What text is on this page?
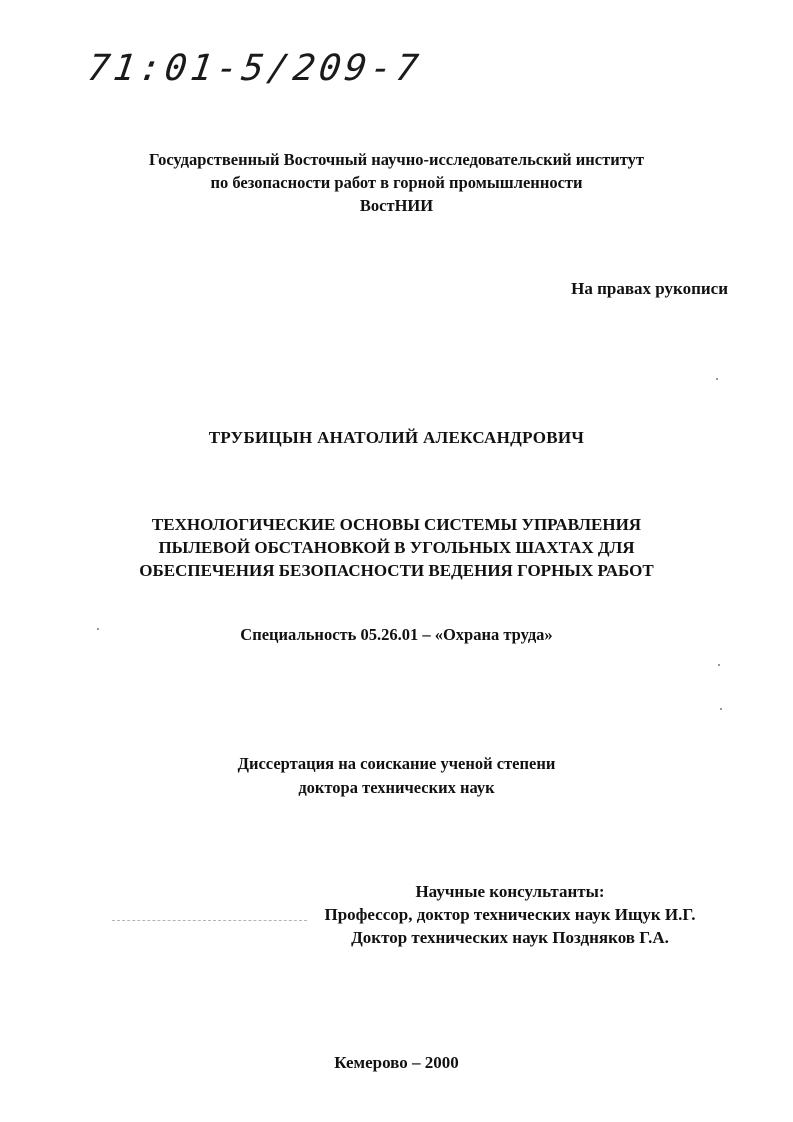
71:01-5/209-7
Государственный Восточный научно-исследовательский институт
по безопасности работ в горной промышленности
ВостНИИ
На правах рукописи
ТРУБИЦЫН АНАТОЛИЙ АЛЕКСАНДРОВИЧ
ТЕХНОЛОГИЧЕСКИЕ ОСНОВЫ СИСТЕМЫ УПРАВЛЕНИЯ
ПЫЛЕВОЙ ОБСТАНОВКОЙ В УГОЛЬНЫХ ШАХТАХ ДЛЯ
ОБЕСПЕЧЕНИЯ БЕЗОПАСНОСТИ ВЕДЕНИЯ ГОРНЫХ РАБОТ
Специальность 05.26.01 – «Охрана труда»
Диссертация на соискание ученой степени
доктора технических наук
Научные консультанты:
Профессор, доктор технических наук Ищук И.Г.
Доктор технических наук Поздняков Г.А.
Кемерово – 2000
